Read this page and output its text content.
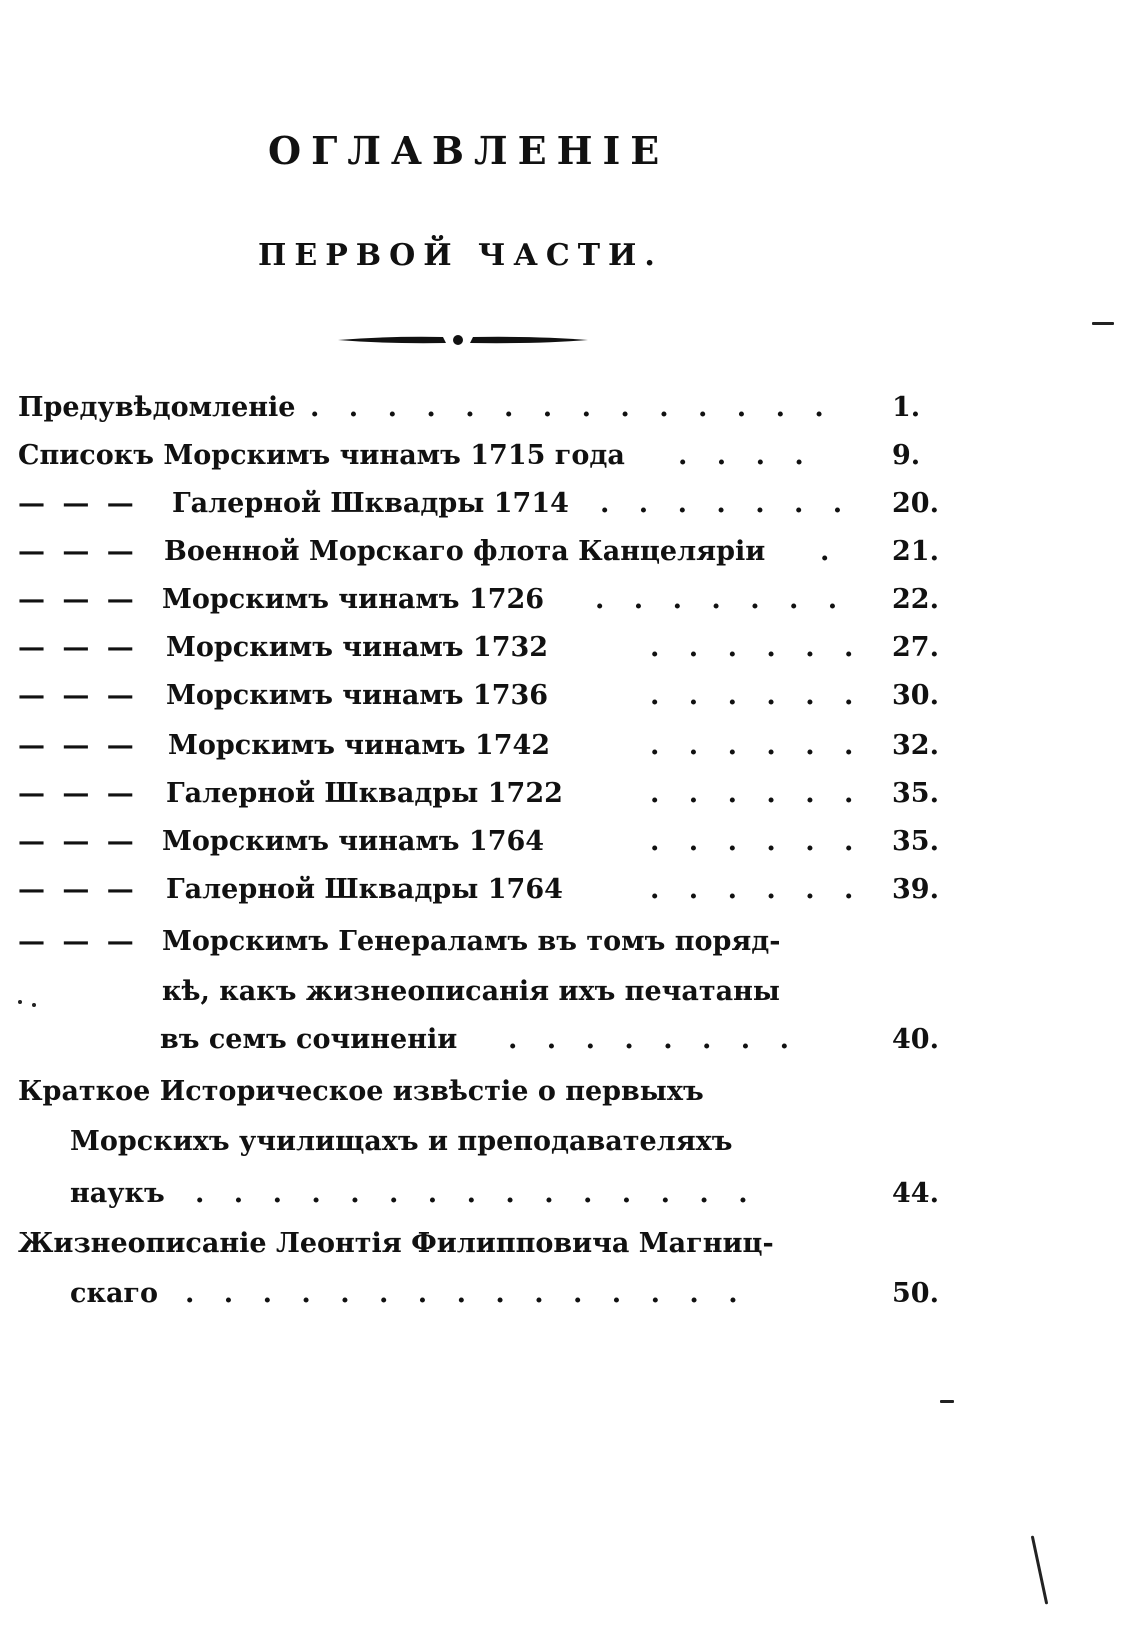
ОГЛАВЛЕНІЕ
ПЕРВОЙ ЧАСТИ.
Предувѣдомленіе . . . . . . . . . . . . . . 1.
Списокъ Морскимъ чинамъ 1715 года . . . .	9.
— — — Галерной Шквадры 1714 . . . . . . . 20.
— — — Военной Морскаго флота Канцеляріи . 21.
— — — Морскимъ чинамъ 1726 . . . . . . . 22.
— — — Морскимъ чинамъ 1732	. . . . . . 27.
— — — Морскимъ чинамъ 1736	. . . . . . 30.
— — — Морскимъ чинамъ 1742	. . . . . . 32.
— — — Галерной Шквадры 1722	. . . . . . 35.
— — — Морскимъ чинамъ 1764	. . . . . . 35.
— — — Галерной Шквадры 1764	. . . . . . 39.
— — — Морскимъ Генераламъ въ томъ поряд-
кѣ, какъ жизнеописанія ихъ печатаны
въ семъ сочиненіи . . . . . . . .	40.
Краткое Историческое извѣстіе о первыхъ
Морскихъ училищахъ и преподавателяхъ
наукъ . . . . . . . . . . . . . . .	44.
Жизнеописаніе Леонтія Филипповича Магниц-
скаго . . . . . . . . . . . . . . .	50.
